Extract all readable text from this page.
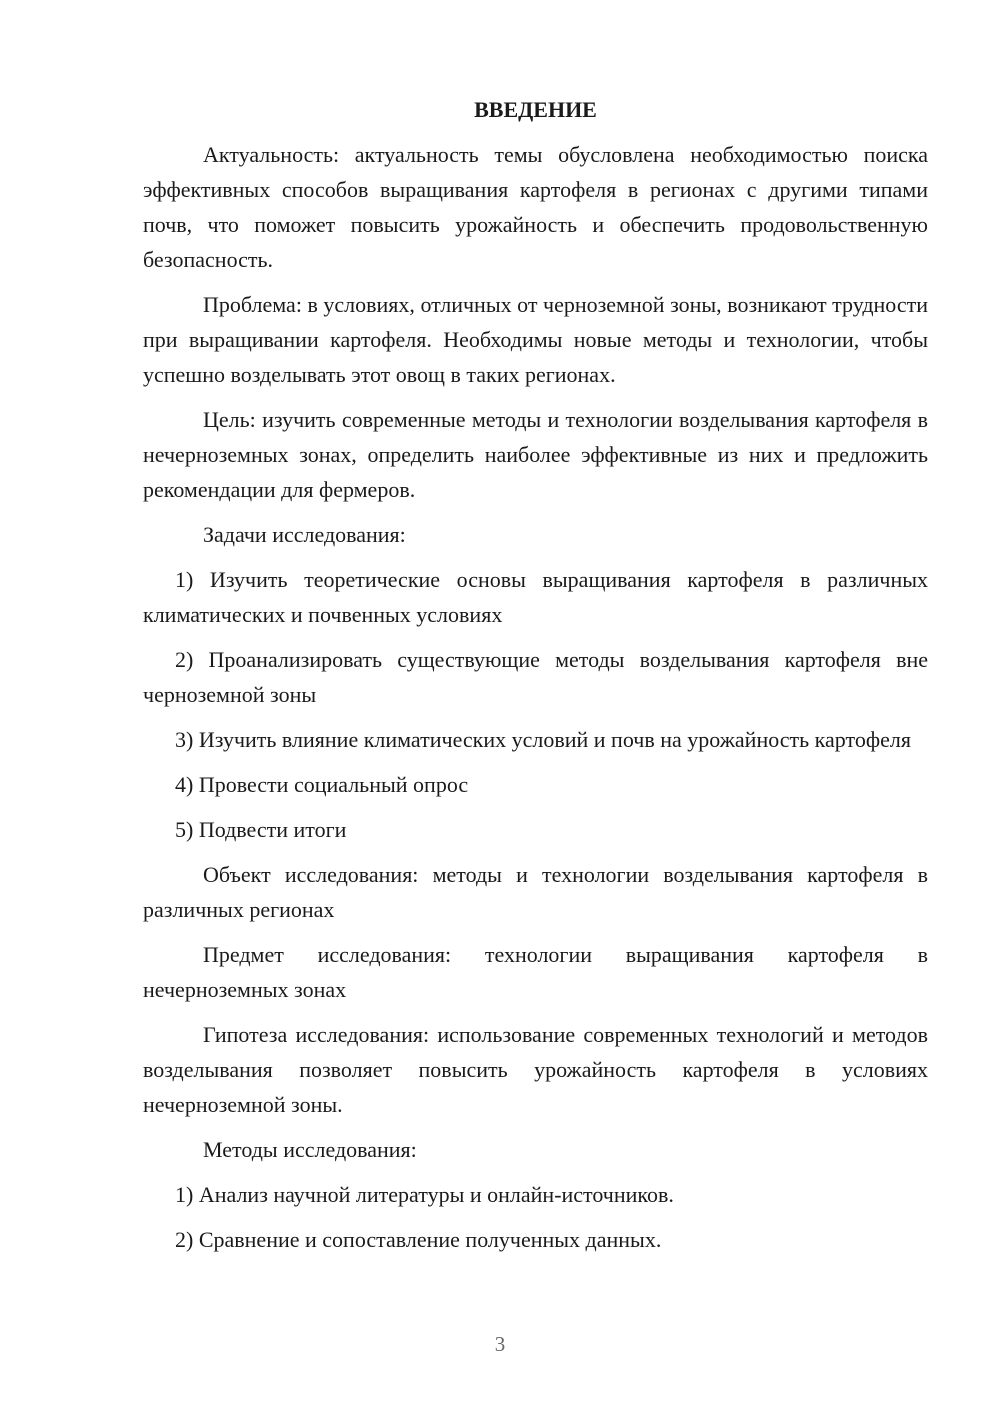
ВВЕДЕНИЕ

Актуальность: актуальность темы обусловлена необходимостью поиска эффективных способов выращивания картофеля в регионах с другими типами почв, что поможет повысить урожайность и обеспечить продовольственную безопасность.

Проблема: в условиях, отличных от черноземной зоны, возникают трудности при выращивании картофеля. Необходимы новые методы и технологии, чтобы успешно возделывать этот овощ в таких регионах.

Цель: изучить современные методы и технологии возделывания картофеля в нечерноземных зонах, определить наиболее эффективные из них и предложить рекомендации для фермеров.

Задачи исследования:

1) Изучить теоретические основы выращивания картофеля в различных климатических и почвенных условиях

2) Проанализировать существующие методы возделывания картофеля вне черноземной зоны

3) Изучить влияние климатических условий и почв на урожайность картофеля

4) Провести социальный опрос

5) Подвести итоги

Объект исследования: методы и технологии возделывания картофеля в различных регионах

Предмет исследования: технологии выращивания картофеля в нечерноземных зонах

Гипотеза исследования: использование современных технологий и методов возделывания позволяет повысить урожайность картофеля в условиях нечерноземной зоны.

Методы исследования:

1) Анализ научной литературы и онлайн-источников.

2) Сравнение и сопоставление полученных данных.

3
